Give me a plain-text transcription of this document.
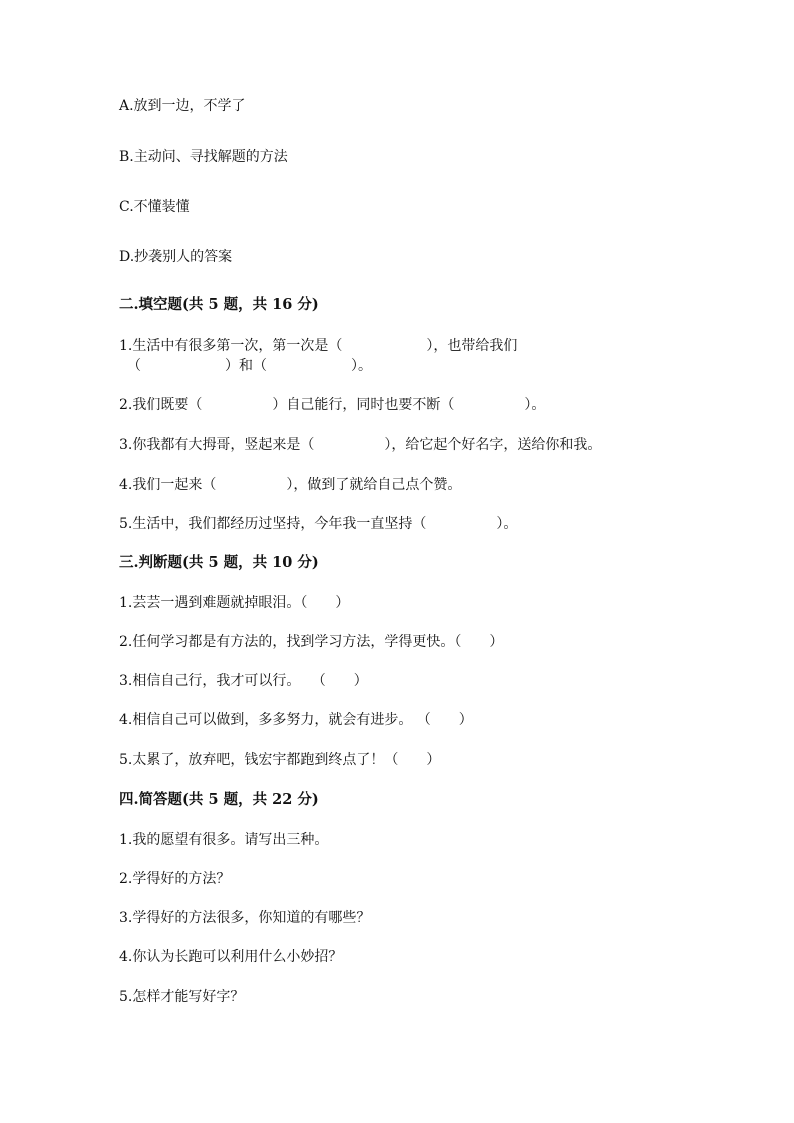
A.放到一边，不学了
B.主动问、寻找解题的方法
C.不懂装懂
D.抄袭别人的答案
二.填空题(共 5 题，共 16 分)
1.生活中有很多第一次，第一次是（　　　　　　），也带给我们
（　　　　　　）和（　　　　　　）。
2.我们既要（　　　　　）自己能行，同时也要不断（　　　　　）。
3.你我都有大拇哥，竖起来是（　　　　　），给它起个好名字，送给你和我。
4.我们一起来（　　　　　），做到了就给自己点个赞。
5.生活中，我们都经历过坚持，今年我一直坚持（　　　　　）。
三.判断题(共 5 题，共 10 分)
1.芸芸一遇到难题就掉眼泪。（　　）
2.任何学习都是有方法的，找到学习方法，学得更快。（　　）
3.相信自己行，我才可以行。　 （　　）
4.相信自己可以做到，多多努力，就会有进步。 （　　）
5.太累了，放弃吧，钱宏宇都跑到终点了！（　　）
四.简答题(共 5 题，共 22 分)
1.我的愿望有很多。请写出三种。
2.学得好的方法？
3.学得好的方法很多，你知道的有哪些？
4.你认为长跑可以利用什么小妙招？
5.怎样才能写好字？
